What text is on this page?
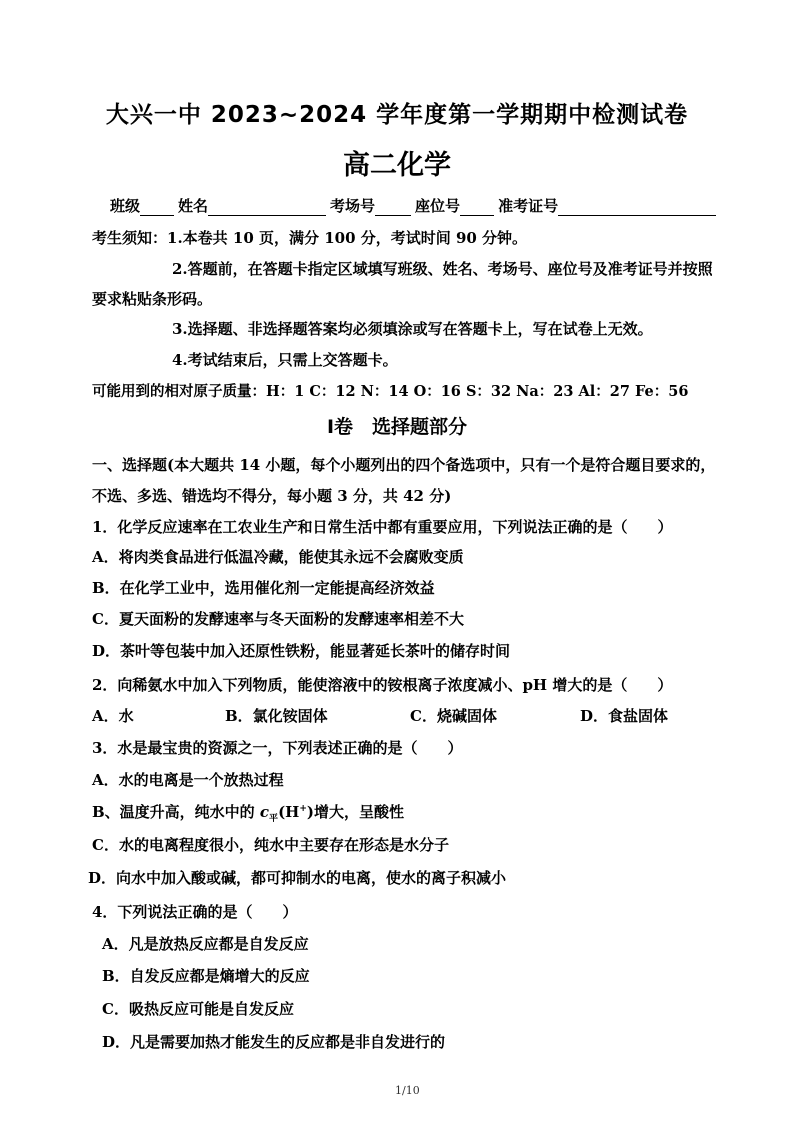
大兴一中 2023~2024 学年度第一学期期中检测试卷
高二化学
班级	姓名	考场号	座位号	准考证号
考生须知：1.本卷共 10 页，满分 100 分，考试时间 90 分钟。
2.答题前，在答题卡指定区域填写班级、姓名、考场号、座位号及准考证号并按照
要求粘贴条形码。
3.选择题、非选择题答案均必须填涂或写在答题卡上，写在试卷上无效。
4.考试结束后，只需上交答题卡。
可能用到的相对原子质量：H：1 C：12 N：14 O：16 S：32 Na：23 Al：27 Fe：56
Ⅰ卷　选择题部分
一、选择题(本大题共 14 小题，每个小题列出的四个备选项中，只有一个是符合题目要求的，
不选、多选、错选均不得分，每小题 3 分，共 42 分)
1．化学反应速率在工农业生产和日常生活中都有重要应用，下列说法正确的是（　　）
A．将肉类食品进行低温冷藏，能使其永远不会腐败变质
B．在化学工业中，选用催化剂一定能提高经济效益
C．夏天面粉的发酵速率与冬天面粉的发酵速率相差不大
D．茶叶等包装中加入还原性铁粉，能显著延长茶叶的储存时间
2．向稀氨水中加入下列物质，能使溶液中的铵根离子浓度减小、pH 增大的是（　　）
A．水	B．氯化铵固体	C．烧碱固体	D．食盐固体
3．水是最宝贵的资源之一，下列表述正确的是（　　）
A．水的电离是一个放热过程
B、温度升高，纯水中的 $c_平(H^+)$增大，呈酸性
C．水的电离程度很小，纯水中主要存在形态是水分子
D．向水中加入酸或碱，都可抑制水的电离，使水的离子积减小
4．下列说法正确的是（　　）
A．凡是放热反应都是自发反应
B．自发反应都是熵增大的反应
C．吸热反应可能是自发反应
D．凡是需要加热才能发生的反应都是非自发进行的
1/10
